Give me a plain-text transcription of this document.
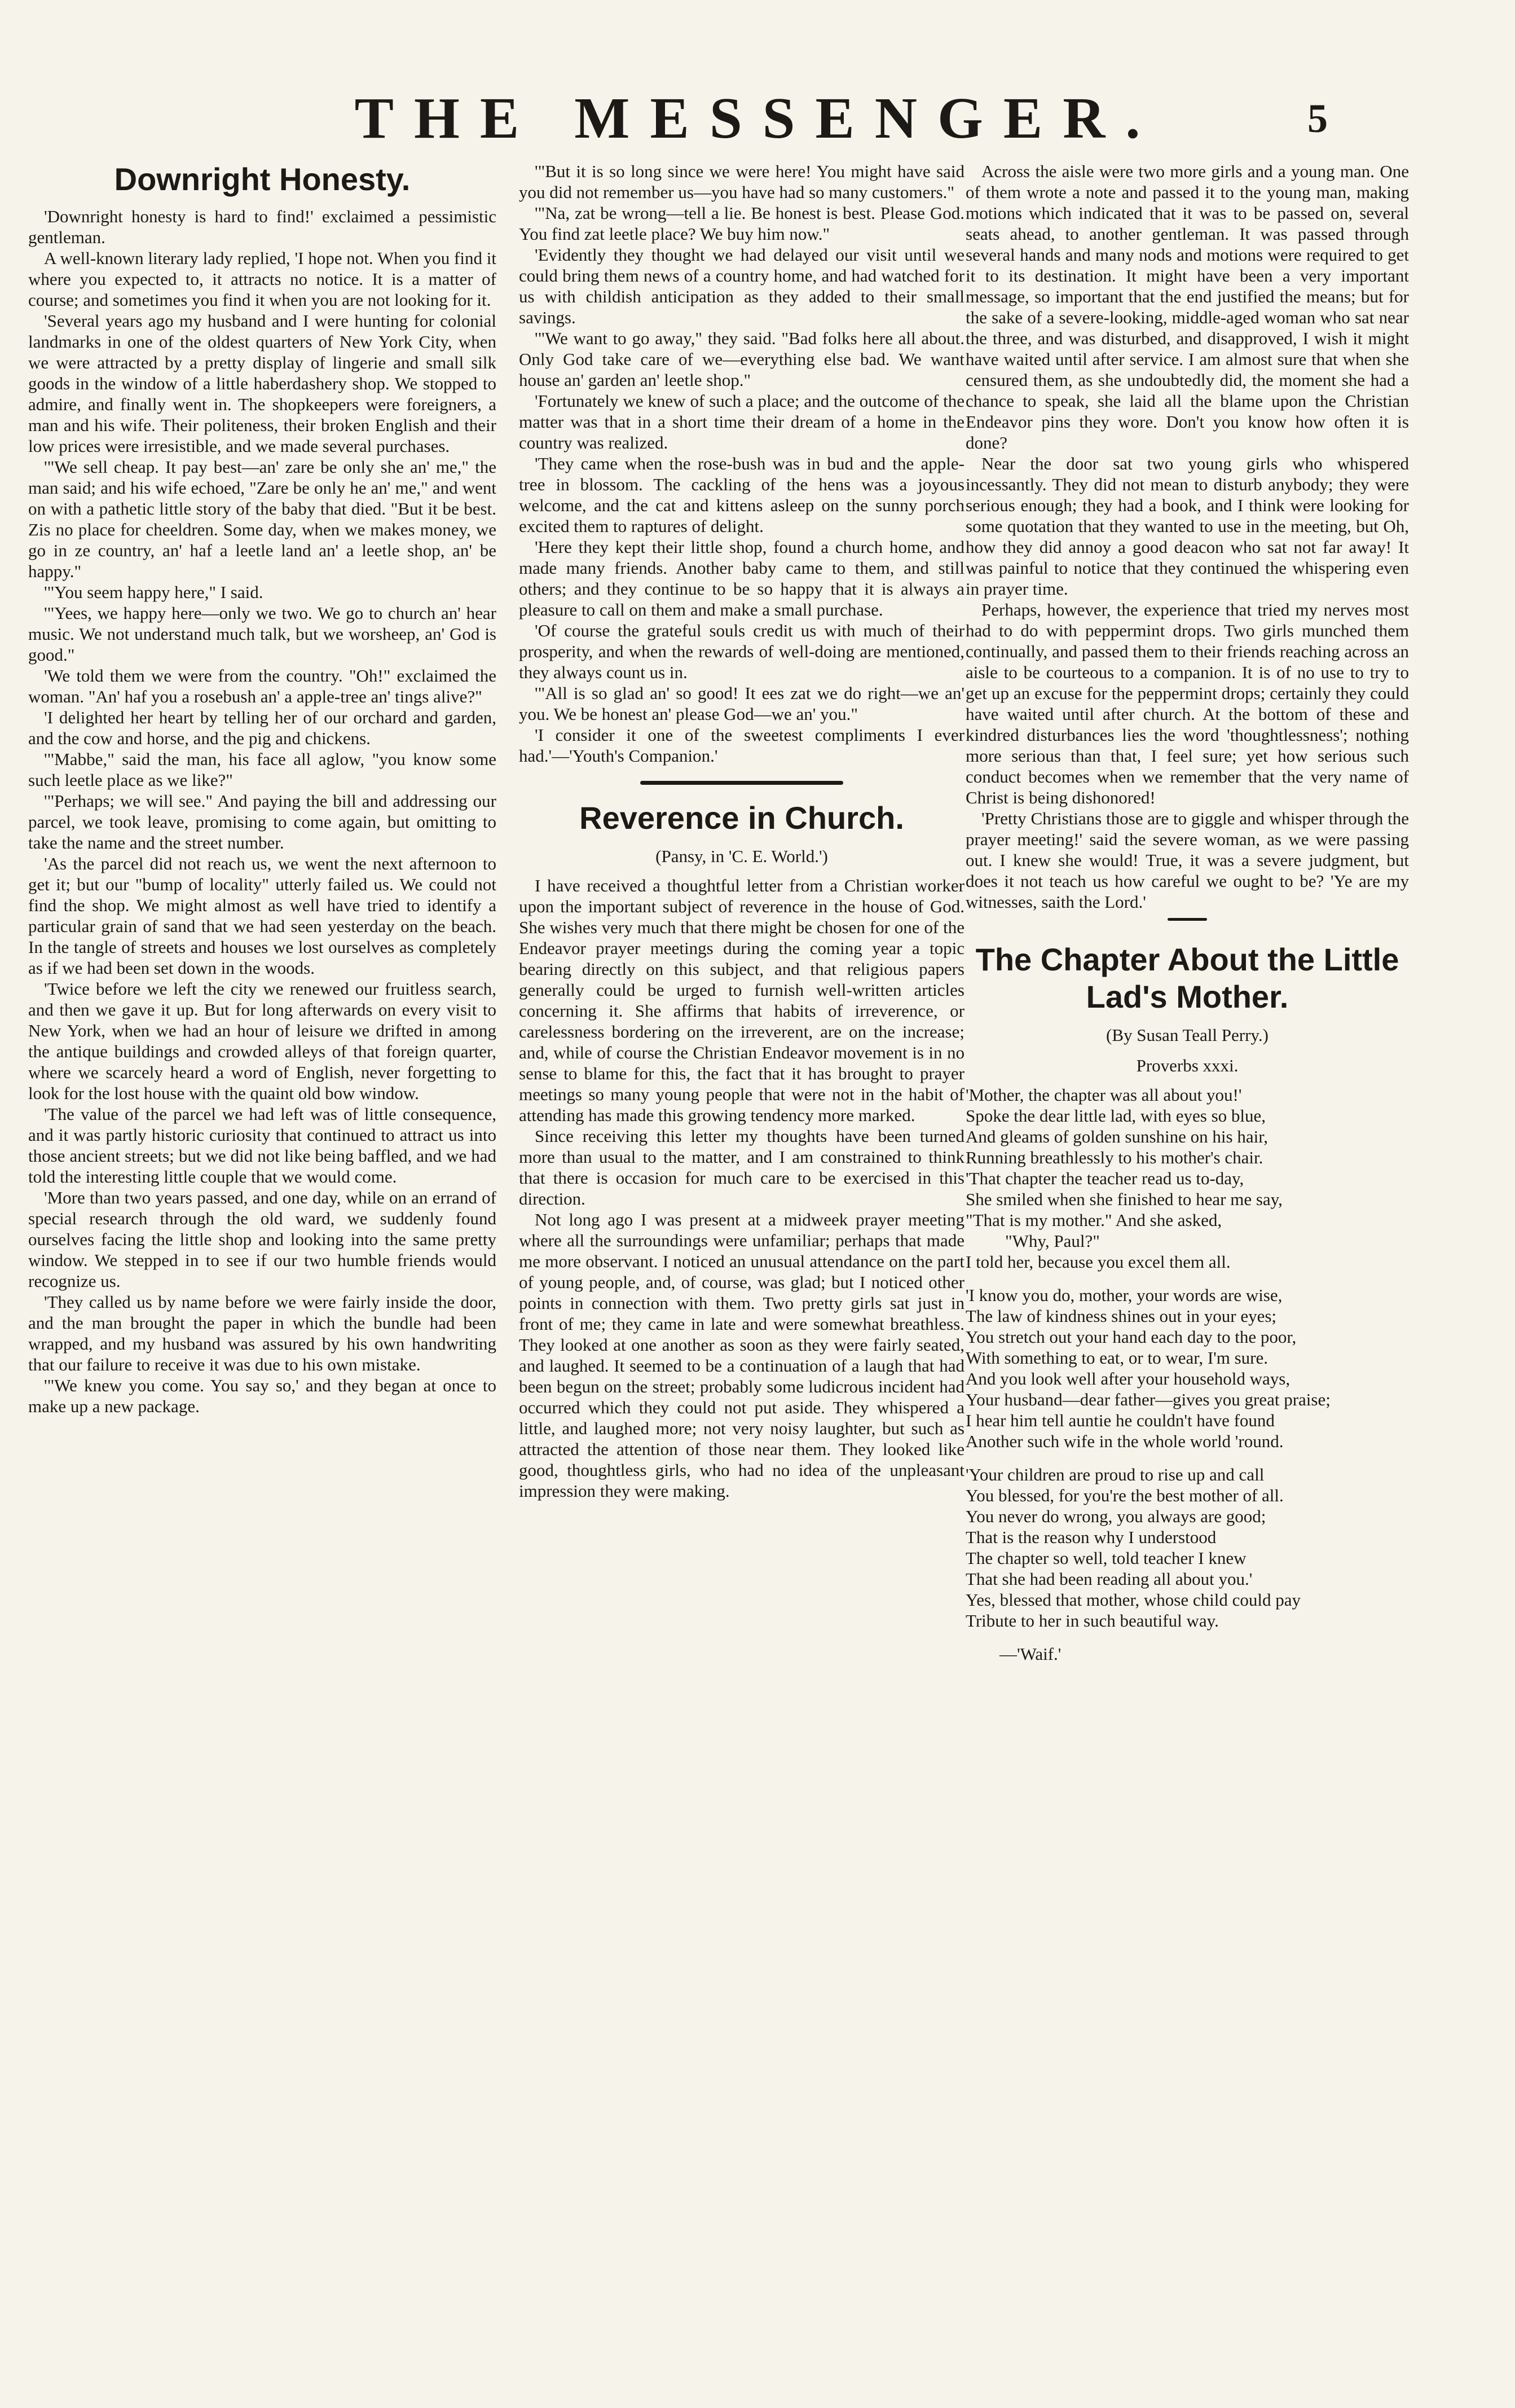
THE MESSENGER.	5
Downright Honesty.

'Downright honesty is hard to find!' exclaimed a pessimistic gentleman.

A well-known literary lady replied, 'I hope not. When you find it where you expected to, it attracts no notice. It is a matter of course; and sometimes you find it when you are not looking for it.

'Several years ago my husband and I were hunting for colonial landmarks in one of the oldest quarters of New York City, when we were attracted by a pretty display of lingerie and small silk goods in the window of a little haberdashery shop. We stopped to admire, and finally went in. The shopkeepers were foreigners, a man and his wife. Their politeness, their broken English and their low prices were irresistible, and we made several purchases.

'"We sell cheap. It pay best—an' zare be only she an' me," the man said; and his wife echoed, "Zare be only he an' me," and went on with a pathetic little story of the baby that died. "But it be best. Zis no place for cheeldren. Some day, when we makes money, we go in ze country, an' haf a leetle land an' a leetle shop, an' be happy."

'"You seem happy here," I said.

'"Yees, we happy here—only we two. We go to church an' hear music. We not understand much talk, but we worsheep, an' God is good."

'We told them we were from the country. "Oh!" exclaimed the woman. "An' haf you a rosebush an' a apple-tree an' tings alive?"

'I delighted her heart by telling her of our orchard and garden, and the cow and horse, and the pig and chickens.

'"Mabbe," said the man, his face all aglow, "you know some such leetle place as we like?"

'"Perhaps; we will see." And paying the bill and addressing our parcel, we took leave, promising to come again, but omitting to take the name and the street number.

'As the parcel did not reach us, we went the next afternoon to get it; but our "bump of locality" utterly failed us. We could not find the shop. We might almost as well have tried to identify a particular grain of sand that we had seen yesterday on the beach. In the tangle of streets and houses we lost ourselves as completely as if we had been set down in the woods.

'Twice before we left the city we renewed our fruitless search, and then we gave it up. But for long afterwards on every visit to New York, when we had an hour of leisure we drifted in among the antique buildings and crowded alleys of that foreign quarter, where we scarcely heard a word of English, never forgetting to look for the lost house with the quaint old bow window.

'The value of the parcel we had left was of little consequence, and it was partly historic curiosity that continued to attract us into those ancient streets; but we did not like being baffled, and we had told the interesting little couple that we would come.

'More than two years passed, and one day, while on an errand of special research through the old ward, we suddenly found ourselves facing the little shop and looking into the same pretty window. We stepped in to see if our two humble friends would recognize us.

'They called us by name before we were fairly inside the door, and the man brought the paper in which the bundle had been wrapped, and my husband was assured by his own handwriting that our failure to receive it was due to his own mistake.

'"We knew you come. You say so,' and they began at once to make up a new package.

'"But it is so long since we were here! You might have said you did not remember us—you have had so many customers."

'"Na, zat be wrong—tell a lie. Be honest is best. Please God. You find zat leetle place? We buy him now."

'Evidently they thought we had delayed our visit until we could bring them news of a country home, and had watched for us with childish anticipation as they added to their small savings.

'"We want to go away," they said. "Bad folks here all about. Only God take care of we—everything else bad. We want house an' garden an' leetle shop."

'Fortunately we knew of such a place; and the outcome of the matter was that in a short time their dream of a home in the country was realized.

'They came when the rose-bush was in bud and the apple-tree in blossom. The cackling of the hens was a joyous welcome, and the cat and kittens asleep on the sunny porch excited them to raptures of delight.

'Here they kept their little shop, found a church home, and made many friends. Another baby came to them, and still others; and they continue to be so happy that it is always a pleasure to call on them and make a small purchase.

'Of course the grateful souls credit us with much of their prosperity, and when the rewards of well-doing are mentioned, they always count us in.

'"All is so glad an' so good! It ees zat we do right—we an' you. We be honest an' please God—we an' you."

'I consider it one of the sweetest compliments I ever had.'—'Youth's Companion.'

Reverence in Church.
(Pansy, in 'C. E. World.')

I have received a thoughtful letter from a Christian worker upon the important subject of reverence in the house of God. She wishes very much that there might be chosen for one of the Endeavor prayer meetings during the coming year a topic bearing directly on this subject, and that religious papers generally could be urged to furnish well-written articles concerning it. She affirms that habits of irreverence, or carelessness bordering on the irreverent, are on the increase; and, while of course the Christian Endeavor movement is in no sense to blame for this, the fact that it has brought to prayer meetings so many young people that were not in the habit of attending has made this growing tendency more marked.

Since receiving this letter my thoughts have been turned more than usual to the matter, and I am constrained to think that there is occasion for much care to be exercised in this direction.

Not long ago I was present at a midweek prayer meeting where all the surroundings were unfamiliar; perhaps that made me more observant. I noticed an unusual attendance on the part of young people, and, of course, was glad; but I noticed other points in connection with them. Two pretty girls sat just in front of me; they came in late and were somewhat breathless. They looked at one another as soon as they were fairly seated, and laughed. It seemed to be a continuation of a laugh that had been begun on the street; probably some ludicrous incident had occurred which they could not put aside. They whispered a little, and laughed more; not very noisy laughter, but such as attracted the attention of those near them. They looked like good, thoughtless girls, who had no idea of the unpleasant impression they were making.

Across the aisle were two more girls and a young man. One of them wrote a note and passed it to the young man, making motions which indicated that it was to be passed on, several seats ahead, to another gentleman. It was passed through several hands and many nods and motions were required to get it to its destination. It might have been a very important message, so important that the end justified the means; but for the sake of a severe-looking, middle-aged woman who sat near the three, and was disturbed, and disapproved, I wish it might have waited until after service. I am almost sure that when she censured them, as she undoubtedly did, the moment she had a chance to speak, she laid all the blame upon the Christian Endeavor pins they wore. Don't you know how often it is done?

Near the door sat two young girls who whispered incessantly. They did not mean to disturb anybody; they were serious enough; they had a book, and I think were looking for some quotation that they wanted to use in the meeting, but Oh, how they did annoy a good deacon who sat not far away! It was painful to notice that they continued the whispering even in prayer time.

Perhaps, however, the experience that tried my nerves most had to do with peppermint drops. Two girls munched them continually, and passed them to their friends reaching across an aisle to be courteous to a companion. It is of no use to try to get up an excuse for the peppermint drops; certainly they could have waited until after church. At the bottom of these and kindred disturbances lies the word 'thoughtlessness'; nothing more serious than that, I feel sure; yet how serious such conduct becomes when we remember that the very name of Christ is being dishonored!

'Pretty Christians those are to giggle and whisper through the prayer meeting!' said the severe woman, as we were passing out. I knew she would! True, it was a severe judgment, but does it not teach us how careful we ought to be? 'Ye are my witnesses, saith the Lord.'

The Chapter About the Little Lad's Mother.
(By Susan Teall Perry.)
Proverbs xxxi.
'Mother, the chapter was all about you!'
Spoke the dear little lad, with eyes so blue,
And gleams of golden sunshine on his hair,
Running breathlessly to his mother's chair.
'That chapter the teacher read us to-day,
She smiled when she finished to hear me say,
"That is my mother." And she asked,
"Why, Paul?"
I told her, because you excel them all.
'I know you do, mother, your words are wise,
The law of kindness shines out in your eyes;
You stretch out your hand each day to the poor,
With something to eat, or to wear, I'm sure.
And you look well after your household ways,
Your husband—dear father—gives you great praise;
I hear him tell auntie he couldn't have found
Another such wife in the whole world 'round.
'Your children are proud to rise up and call
You blessed, for you're the best mother of all.
You never do wrong, you always are good;
That is the reason why I understood
The chapter so well, told teacher I knew
That she had been reading all about you.'
Yes, blessed that mother, whose child could pay
Tribute to her in such beautiful way.
—'Waif.'
